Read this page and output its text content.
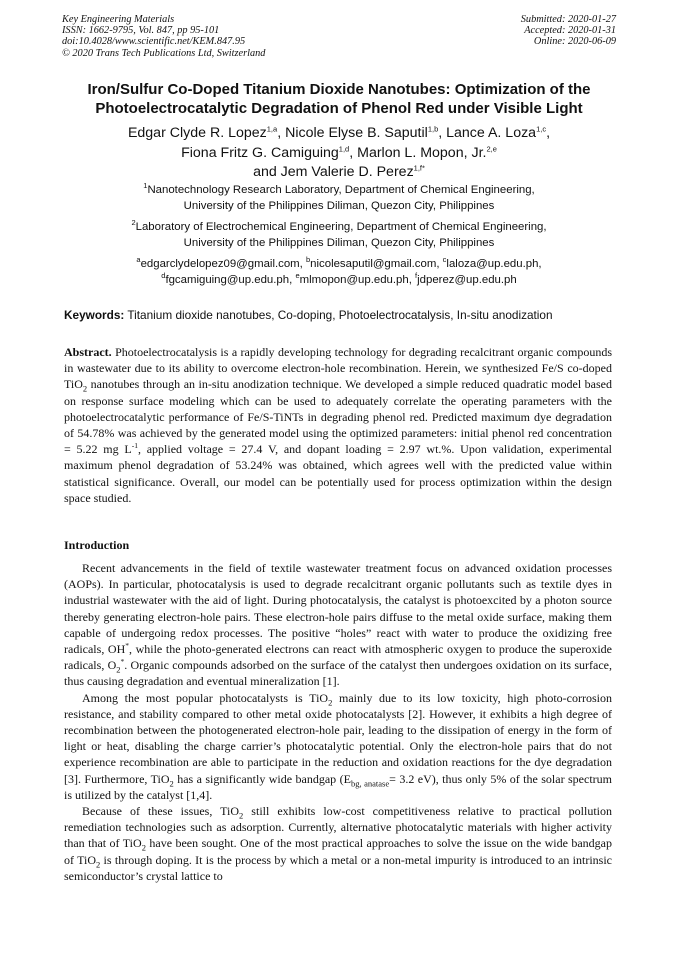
Key Engineering Materials
ISSN: 1662-9795, Vol. 847, pp 95-101
doi:10.4028/www.scientific.net/KEM.847.95
© 2020 Trans Tech Publications Ltd, Switzerland
Submitted: 2020-01-27
Accepted: 2020-01-31
Online: 2020-06-09
Iron/Sulfur Co-Doped Titanium Dioxide Nanotubes: Optimization of the
Photoelectrocatalytic Degradation of Phenol Red under Visible Light
Edgar Clyde R. Lopez$^{1,a}$, Nicole Elyse B. Saputil$^{1,b}$, Lance A. Loza$^{1,c}$,
Fiona Fritz G. Camiguing$^{1,d}$, Marlon L. Mopon, Jr.$^{2,e}$
and Jem Valerie D. Perez$^{1,f*}$
$^1$Nanotechnology Research Laboratory, Department of Chemical Engineering,
University of the Philippines Diliman, Quezon City, Philippines
$^2$Laboratory of Electrochemical Engineering, Department of Chemical Engineering,
University of the Philippines Diliman, Quezon City, Philippines
$^a$edgarclydelopez09@gmail.com, $^b$nicolesaputil@gmail.com, $^c$laloza@up.edu.ph,
$^d$fgcamiguing@up.edu.ph, $^e$mlmopon@up.edu.ph, $^f$jdperez@up.edu.ph
Keywords: Titanium dioxide nanotubes, Co-doping, Photoelectrocatalysis, In-situ anodization

Abstract. Photoelectrocatalysis is a rapidly developing technology for degrading recalcitrant organic compounds in wastewater due to its ability to overcome electron-hole recombination. Herein, we synthesized Fe/S co-doped TiO$_2$ nanotubes through an in-situ anodization technique. We developed a simple reduced quadratic model based on response surface modeling which can be used to adequately correlate the operating parameters with the photoelectrocatalytic performance of Fe/S-TiNTs in degrading phenol red. Predicted maximum dye degradation of 54.78% was achieved by the generated model using the optimized parameters: initial phenol red concentration = 5.22 mg $L^{-1}$, applied voltage = 27.4 V, and dopant loading = 2.97 wt.%. Upon validation, experimental maximum phenol degradation of 53.24% was obtained, which agrees well with the predicted value within statistical significance. Overall, our model can be potentially used for process optimization within the design space studied.

Introduction

Recent advancements in the field of textile wastewater treatment focus on advanced oxidation processes (AOPs). In particular, photocatalysis is used to degrade recalcitrant organic pollutants such as textile dyes in industrial wastewater with the aid of light. During photocatalysis, the catalyst is photoexcited by a photon source thereby generating electron-hole pairs. These electron-hole pairs diffuse to the metal oxide surface, making them capable of undergoing redox processes. The positive “holes” react with water to produce the oxidizing free radicals, OH*, while the photo-generated electrons can react with atmospheric oxygen to produce the superoxide radicals, $O_2^*$. Organic compounds adsorbed on the surface of the catalyst then undergoes oxidation on its surface, thus causing degradation and eventual mineralization [1].

Among the most popular photocatalysts is TiO$_2$ mainly due to its low toxicity, high photo-corrosion resistance, and stability compared to other metal oxide photocatalysts [2]. However, it exhibits a high degree of recombination between the photogenerated electron-hole pair, leading to the dissipation of energy in the form of light or heat, disabling the charge carrier’s photocatalytic potential. Only the electron-hole pairs that do not experience recombination are able to participate in the reduction and oxidation reactions for the dye degradation [3]. Furthermore, TiO$_2$ has a significantly wide bandgap ($E_{bg, anatase}= 3.2$ eV), thus only 5% of the solar spectrum is utilized by the catalyst [1,4].

Because of these issues, TiO$_2$ still exhibits low-cost competitiveness relative to practical pollution remediation technologies such as adsorption. Currently, alternative photocatalytic materials with higher activity than that of TiO$_2$ have been sought. One of the most practical approaches to solve the issue on the wide bandgap of TiO$_2$ is through doping. It is the process by which a metal or a non-metal impurity is introduced to an intrinsic semiconductor’s crystal lattice to
